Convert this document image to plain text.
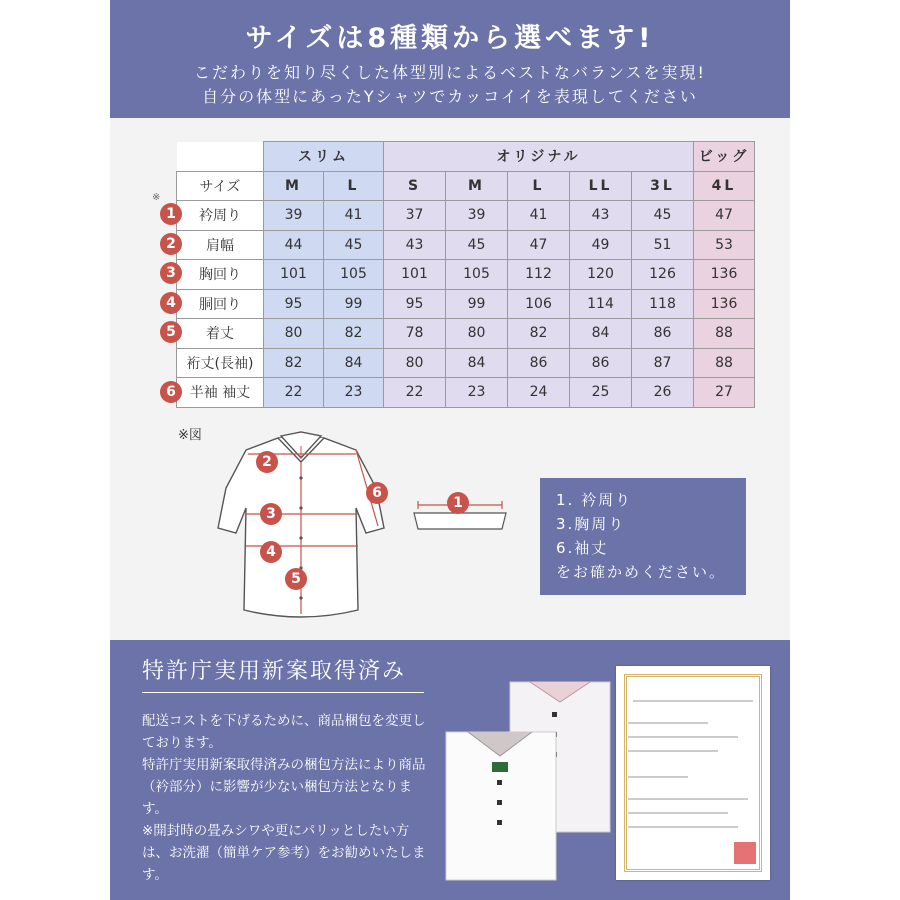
サイズは8種類から選べます!
こだわりを知り尽くした体型別によるベストなバランスを実現!
自分の体型にあったYシャツでカッコイイを表現してください
※
	スリム		オリジナル					ビッグ
サイズ	M	L	S	M	L	LL	3L	4L
衿周り	39	41	37	39	41	43	45	47
肩幅	44	45	43	45	47	49	51	53
胸回り	101	105	101	105	112	120	126	136
胴回り	95	99	95	99	106	114	118	136
着丈	80	82	78	80	82	84	86	88
裄丈(長袖)	82	84	80	84	86	86	87	88
半袖 袖丈	22	23	22	23	24	25	26	27
1
2
3
4
5
6
※図
2
6
3
4
5
1	1. 衿周り
3.胸周り
6.袖丈
をお確かめください。
特許庁実用新案取得済み
配送コストを下げるために、商品梱包を変更しております。
特許庁実用新案取得済みの梱包方法により商品（衿部分）に影響が少ない梱包方法となります。
※開封時の畳みシワや更にパリッとしたい方は、お洗濯（簡単ケア参考）をお勧めいたします。
